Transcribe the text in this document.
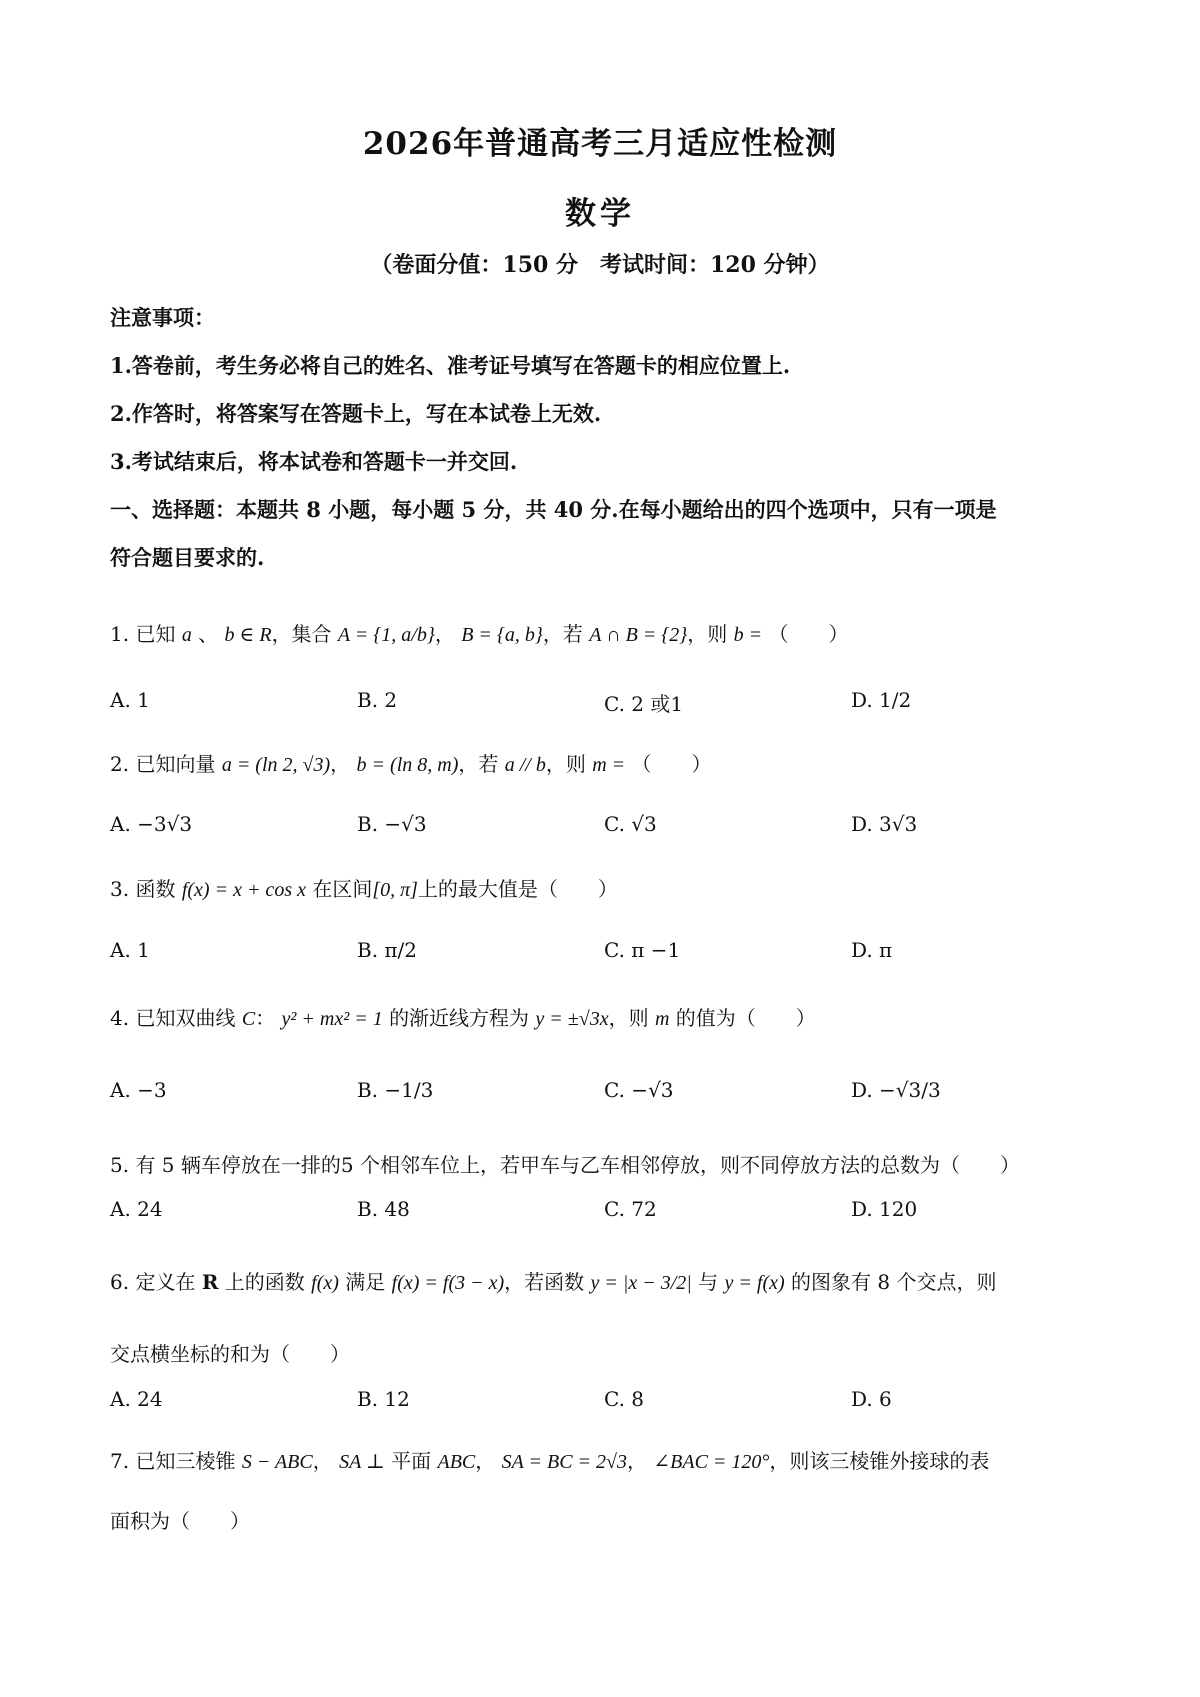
2026年普通高考三月适应性检测
数学
（卷面分值：150 分　考试时间：120 分钟）
注意事项：
1.答卷前，考生务必将自己的姓名、准考证号填写在答题卡的相应位置上.
2.作答时，将答案写在答题卡上，写在本试卷上无效.
3.考试结束后，将本试卷和答题卡一并交回.
一、选择题：本题共 8 小题，每小题 5 分，共 40 分.在每小题给出的四个选项中，只有一项是
符合题目要求的.
1. 已知 a 、 b ∈ R，集合 A = {1, a/b}， B = {a, b}，若 A ∩ B = {2}，则 b = （　　）
A. 1	B. 2	C. 2 或1	D. 1/2
2. 已知向量 a = (ln 2, √3)， b = (ln 8, m)，若 a // b，则 m = （　　）
A. −3√3	B. −√3	C. √3	D. 3√3
3. 函数 f(x) = x + cos x 在区间[0, π]上的最大值是（　　）
A. 1	B. π/2	C. π −1	D. π
4. 已知双曲线 C： y² + mx² = 1 的渐近线方程为 y = ±√3x，则 m 的值为（　　）
A. −3	B. −1/3	C. −√3	D. −√3/3
5. 有 5 辆车停放在一排的5 个相邻车位上，若甲车与乙车相邻停放，则不同停放方法的总数为（　　）
A. 24	B. 48	C. 72	D. 120
6. 定义在 R 上的函数 f(x) 满足 f(x) = f(3 − x)，若函数 y = |x − 3/2| 与 y = f(x) 的图象有 8 个交点，则
交点横坐标的和为（　　）
A. 24	B. 12	C. 8	D. 6
7. 已知三棱锥 S − ABC， SA ⊥ 平面 ABC， SA = BC = 2√3， ∠BAC = 120°，则该三棱锥外接球的表
面积为（　　）
